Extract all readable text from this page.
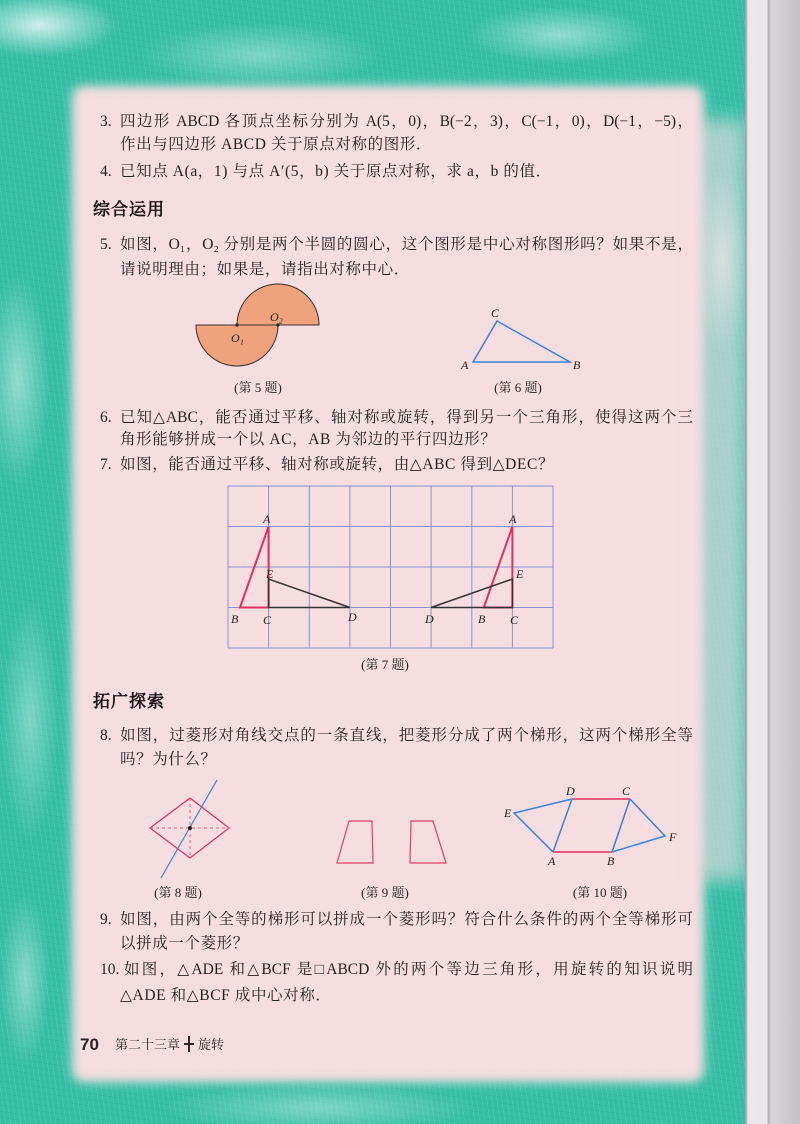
3. 四边形 ABCD 各顶点坐标分别为 A(5，0)，B(−2，3)，C(−1，0)，D(−1，−5)，
作出与四边形 ABCD 关于原点对称的图形．
4. 已知点 A(a，1) 与点 A′(5，b) 关于原点对称，求 a，b 的值．
综合运用
5. 如图，O₁，O₂ 分别是两个半圆的圆心，这个图形是中心对称图形吗？如果不是，
请说明理由；如果是，请指出对称中心．
(第 5 题)	(第 6 题)
6. 已知△ABC，能否通过平移、轴对称或旋转，得到另一个三角形，使得这两个三
角形能够拼成一个以 AC，AB 为邻边的平行四边形？
7. 如图，能否通过平移、轴对称或旋转，由△ABC 得到△DEC？
(第 7 题)
拓广探索
8. 如图，过菱形对角线交点的一条直线，把菱形分成了两个梯形，这两个梯形全等
吗？为什么？
(第 8 题)	(第 9 题)	(第 10 题)
9. 如图，由两个全等的梯形可以拼成一个菱形吗？符合什么条件的两个全等梯形可
以拼成一个菱形？
10. 如图，△ADE 和△BCF 是□ABCD 外的两个等边三角形，用旋转的知识说明
△ADE 和△BCF 成中心对称．
O₁
O₂	C
A	B
A
E
B C	D
A
E
D	B C
E
D	C
F
A	B
70 第二十三章 旋转
